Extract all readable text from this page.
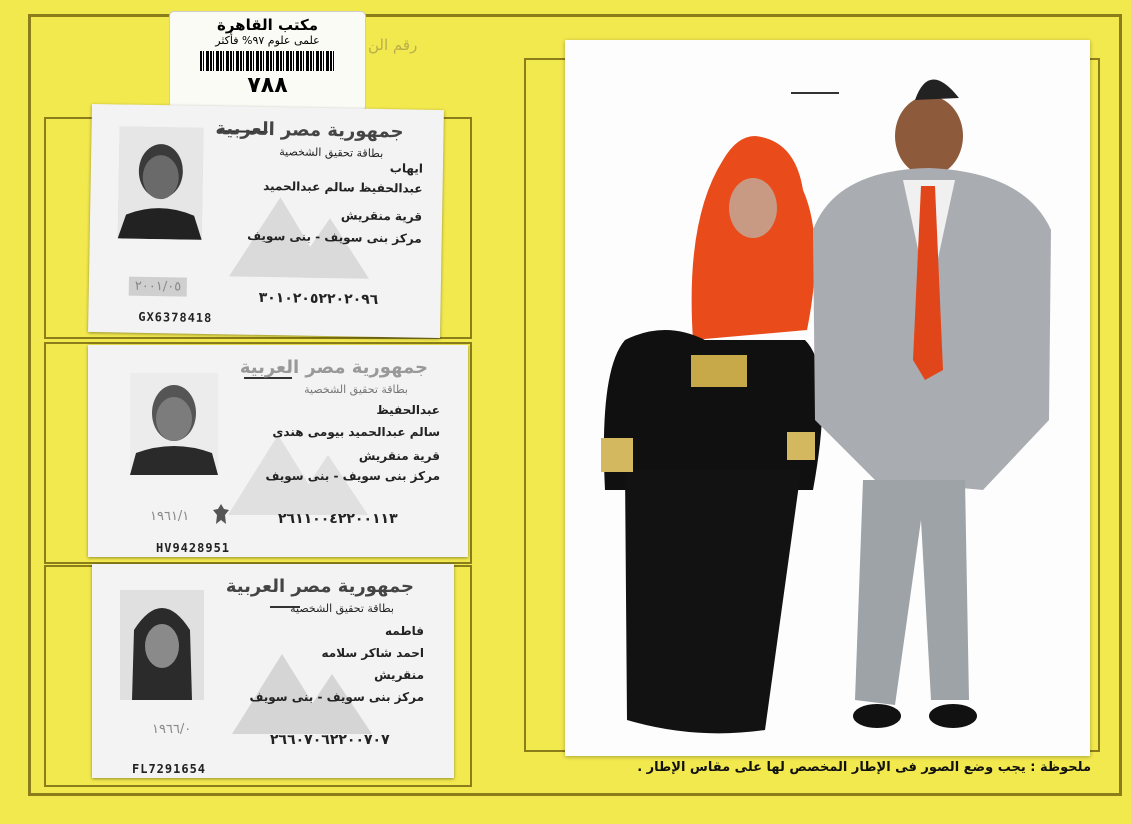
رقم الن
مكتب القاهرة
علمى علوم ٩٧% فأكثر
٧٨٨
جمهورية مصر العربية
بطاقة تحقيق الشخصية
ايهاب
عبدالحفيظ سالم عبدالحميد
قرية منقريش
مركز بنى سويف - بنى سويف
٢٠٠١/٠٥
٣٠١٠٢٠٥٢٢٠٢٠٩٦
GX6378418
جمهورية مصر العربية
بطاقة تحقيق الشخصية
عبدالحفيظ
سالم عبدالحميد بيومى هندى
قرية منقريش
مركز بنى سويف - بنى سويف
١٩٦١/١	٢٦١١٠٠٤٢٢٠٠١١٣
HV9428951
جمهورية مصر العربية
بطاقة تحقيق الشخصية
فاطمه
احمد شاكر سلامه
منقريش
مركز بنى سويف - بنى سويف
١٩٦٦/٠
٢٦٦٠٧٠٦٢٢٠٠٧٠٧
FL7291654	ملحوظة : يجب وضع الصور فى الإطار المخصص لها على مقاس الإطار .
